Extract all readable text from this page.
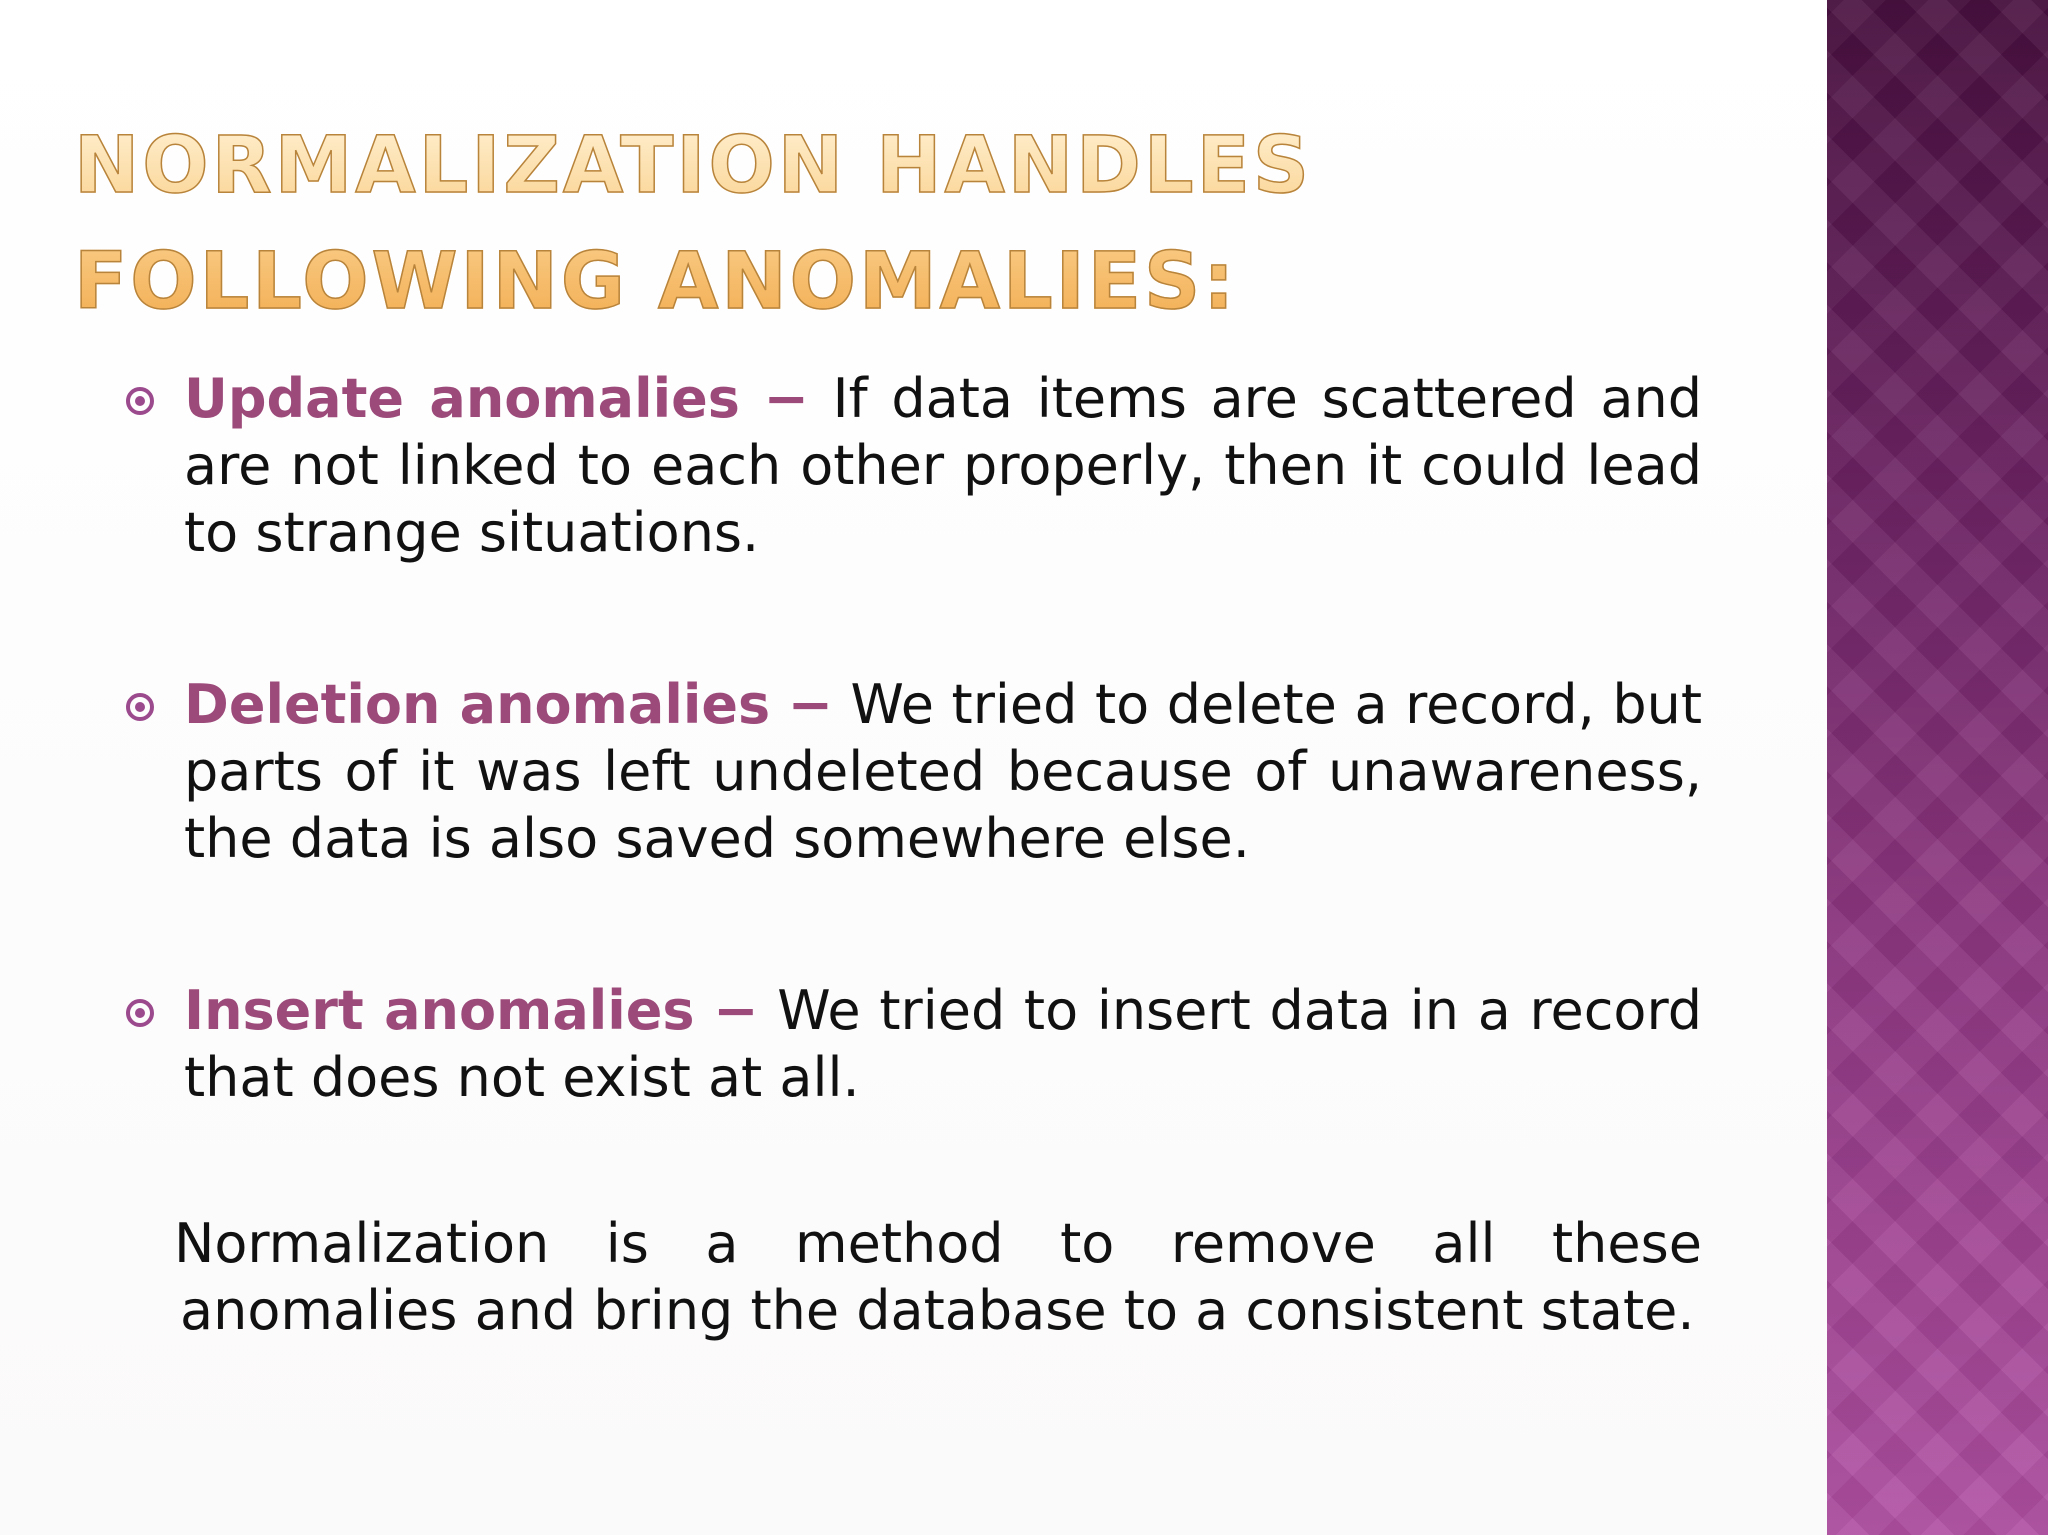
NORMALIZATION HANDLES FOLLOWING ANOMALIES:

Update anomalies − If data items are scattered and are not linked to each other properly, then it could lead to strange situations.

Deletion anomalies − We tried to delete a record, but parts of it was left undeleted because of unawareness, the data is also saved somewhere else.

Insert anomalies − We tried to insert data in a record that does not exist at all.

Normalization is a method to remove all these anomalies and bring the database to a consistent state.
